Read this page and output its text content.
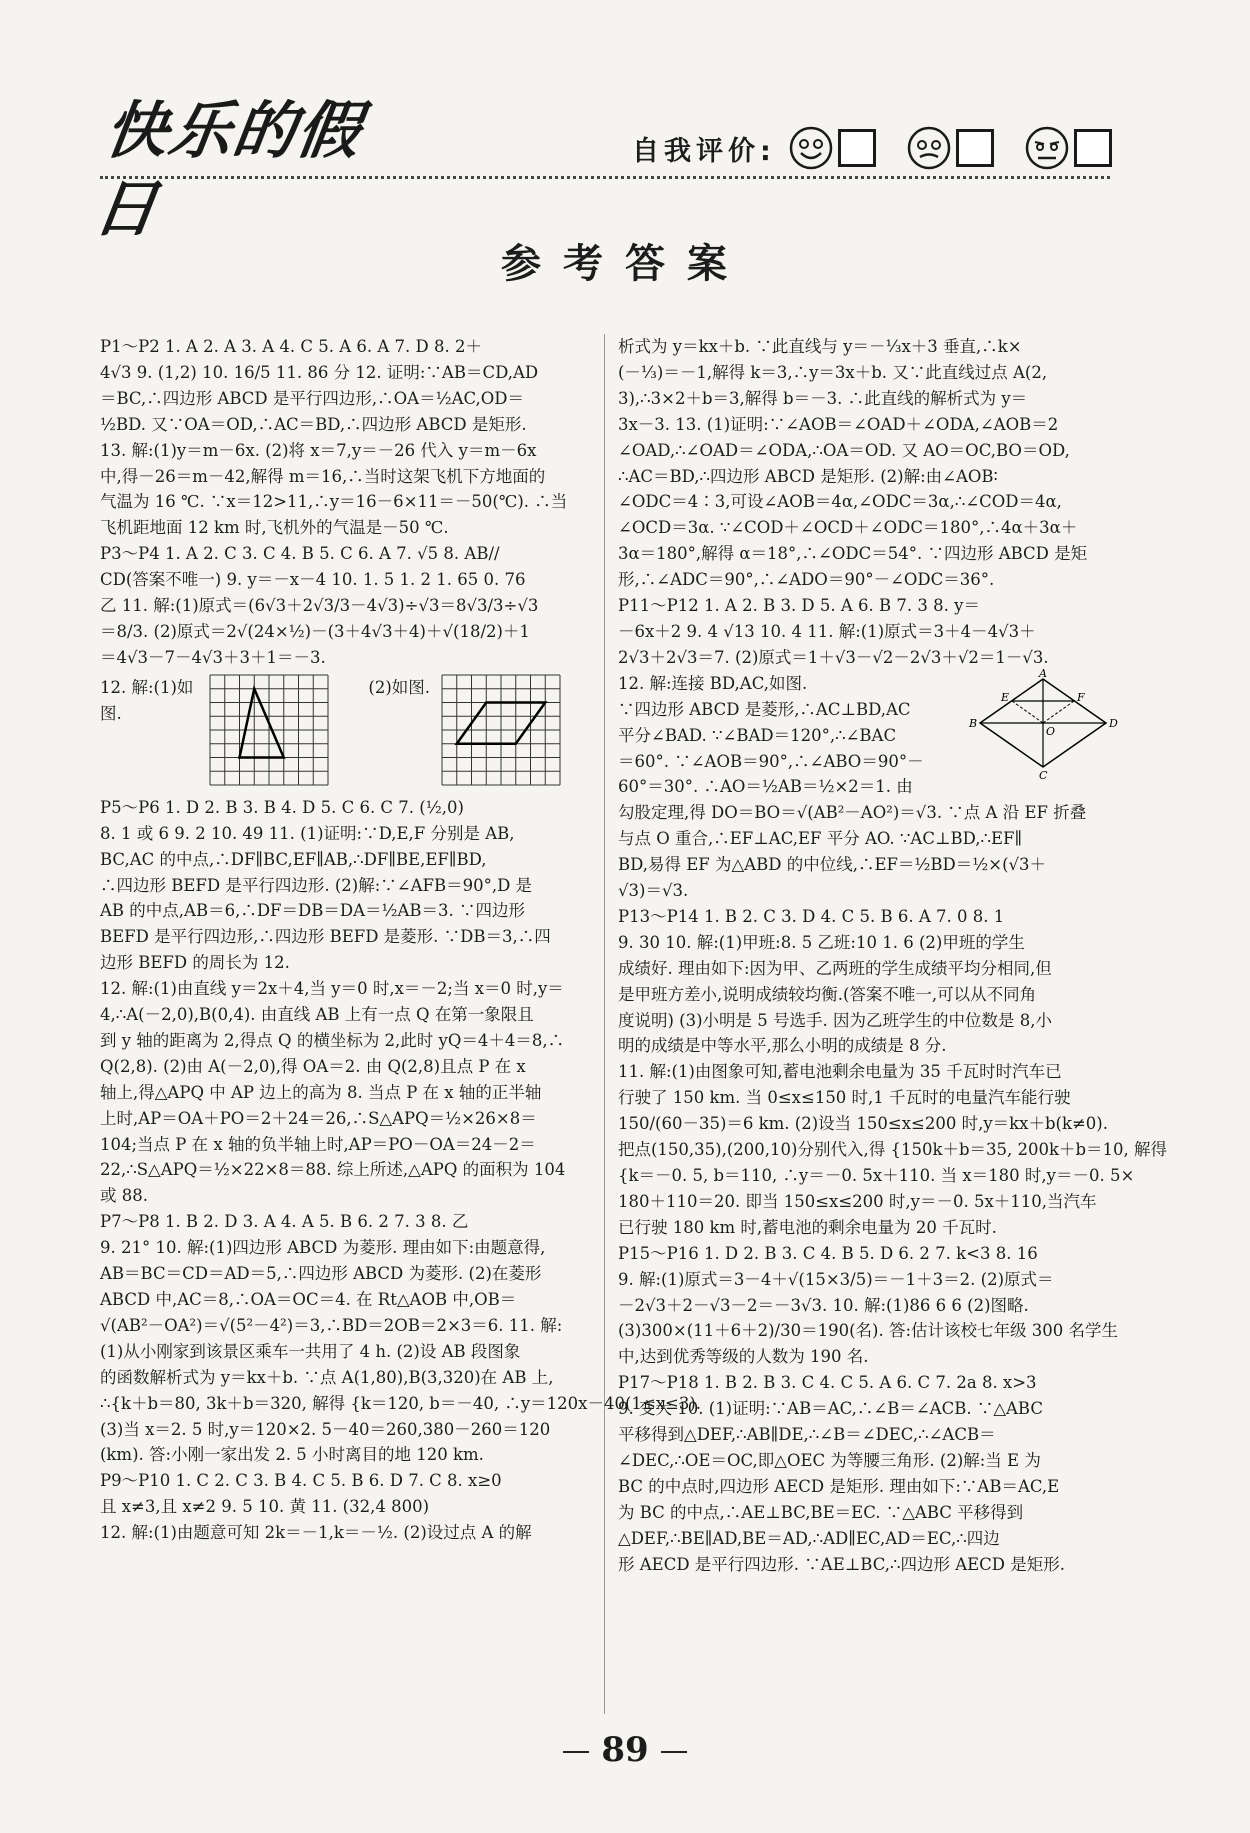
快乐的假日
自我评价:
参考答案
P1～P2 1. A 2. A 3. A 4. C 5. A 6. A 7. D 8. 2＋
4√3 9. (1,2) 10. 16/5 11. 86 分 12. 证明:∵AB＝CD,AD
＝BC,∴四边形 ABCD 是平行四边形,∴OA＝½AC,OD＝
½BD. 又∵OA＝OD,∴AC＝BD,∴四边形 ABCD 是矩形.
13. 解:(1)y＝m－6x. (2)将 x＝7,y＝－26 代入 y＝m－6x
中,得－26＝m－42,解得 m＝16,∴当时这架飞机下方地面的
气温为 16 ℃. ∵x＝12>11,∴y＝16－6×11＝－50(℃). ∴当
飞机距地面 12 km 时,飞机外的气温是－50 ℃.
P3～P4 1. A 2. C 3. C 4. B 5. C 6. A 7. √5 8. AB//
CD(答案不唯一) 9. y＝－x－4 10. 1. 5 1. 2 1. 65 0. 76
乙 11. 解:(1)原式＝(6√3＋2√3/3－4√3)÷√3＝8√3/3÷√3
＝8/3. (2)原式＝2√(24×½)－(3＋4√3＋4)＋√(18/2)＋1
＝4√3－7－4√3＋3＋1＝－3.
12. 解:(1)如图.
(2)如图.
P5～P6 1. D 2. B 3. B 4. D 5. C 6. C 7. (½,0)
8. 1 或 6 9. 2 10. 49 11. (1)证明:∵D,E,F 分别是 AB,
BC,AC 的中点,∴DF∥BC,EF∥AB,∴DF∥BE,EF∥BD,
∴四边形 BEFD 是平行四边形. (2)解:∵∠AFB＝90°,D 是
AB 的中点,AB＝6,∴DF＝DB＝DA＝½AB＝3. ∵四边形
BEFD 是平行四边形,∴四边形 BEFD 是菱形. ∵DB＝3,∴四
边形 BEFD 的周长为 12.
12. 解:(1)由直线 y＝2x＋4,当 y＝0 时,x＝－2;当 x＝0 时,y＝
4,∴A(－2,0),B(0,4). 由直线 AB 上有一点 Q 在第一象限且
到 y 轴的距离为 2,得点 Q 的横坐标为 2,此时 yQ＝4＋4＝8,∴
Q(2,8). (2)由 A(－2,0),得 OA＝2. 由 Q(2,8)且点 P 在 x
轴上,得△APQ 中 AP 边上的高为 8. 当点 P 在 x 轴的正半轴
上时,AP＝OA＋PO＝2＋24＝26,∴S△APQ＝½×26×8＝
104;当点 P 在 x 轴的负半轴上时,AP＝PO－OA＝24－2＝
22,∴S△APQ＝½×22×8＝88. 综上所述,△APQ 的面积为 104
或 88.
P7～P8 1. B 2. D 3. A 4. A 5. B 6. 2 7. 3 8. 乙
9. 21° 10. 解:(1)四边形 ABCD 为菱形. 理由如下:由题意得,
AB＝BC＝CD＝AD＝5,∴四边形 ABCD 为菱形. (2)在菱形
ABCD 中,AC＝8,∴OA＝OC＝4. 在 Rt△AOB 中,OB＝
√(AB²－OA²)＝√(5²－4²)＝3,∴BD＝2OB＝2×3＝6. 11. 解:
(1)从小刚家到该景区乘车一共用了 4 h. (2)设 AB 段图象
的函数解析式为 y＝kx＋b. ∵点 A(1,80),B(3,320)在 AB 上,
∴{k＋b＝80, 3k＋b＝320, 解得 {k＝120, b＝－40, ∴y＝120x－40(1≤x≤3).
(3)当 x＝2. 5 时,y＝120×2. 5－40＝260,380－260＝120
(km). 答:小刚一家出发 2. 5 小时离目的地 120 km.
P9～P10 1. C 2. C 3. B 4. C 5. B 6. D 7. C 8. x≥0
且 x≠3,且 x≠2 9. 5 10. 黄 11. (32,4 800)
12. 解:(1)由题意可知 2k＝－1,k＝－½. (2)设过点 A 的解
析式为 y＝kx＋b. ∵此直线与 y＝－⅓x＋3 垂直,∴k×
(－⅓)＝－1,解得 k＝3,∴y＝3x＋b. 又∵此直线过点 A(2,
3),∴3×2＋b＝3,解得 b＝－3. ∴此直线的解析式为 y＝
3x－3. 13. (1)证明:∵∠AOB＝∠OAD＋∠ODA,∠AOB＝2
∠OAD,∴∠OAD＝∠ODA,∴OA＝OD. 又 AO＝OC,BO＝OD,
∴AC＝BD,∴四边形 ABCD 是矩形. (2)解:由∠AOB∶
∠ODC＝4∶3,可设∠AOB＝4α,∠ODC＝3α,∴∠COD＝4α,
∠OCD＝3α. ∵∠COD＋∠OCD＋∠ODC＝180°,∴4α＋3α＋
3α＝180°,解得 α＝18°,∴∠ODC＝54°. ∵四边形 ABCD 是矩
形,∴∠ADC＝90°,∴∠ADO＝90°－∠ODC＝36°.
P11～P12 1. A 2. B 3. D 5. A 6. B 7. 3 8. y＝
－6x＋2 9. 4 √13 10. 4 11. 解:(1)原式＝3＋4－4√3＋
2√3＋2√3＝7. (2)原式＝1＋√3－√2－2√3＋√2＝1－√3.
12. 解:连接 BD,AC,如图.
∵四边形 ABCD 是菱形,∴AC⊥BD,AC
平分∠BAD. ∵∠BAD＝120°,∴∠BAC
＝60°. ∵∠AOB＝90°,∴∠ABO＝90°－
60°＝30°. ∴AO＝½AB＝½×2＝1. 由
A
B
C
D
E	F
O
勾股定理,得 DO＝BO＝√(AB²－AO²)＝√3. ∵点 A 沿 EF 折叠
与点 O 重合,∴EF⊥AC,EF 平分 AO. ∵AC⊥BD,∴EF∥
BD,易得 EF 为△ABD 的中位线,∴EF＝½BD＝½×(√3＋
√3)＝√3.
P13～P14 1. B 2. C 3. D 4. C 5. B 6. A 7. 0 8. 1
9. 30 10. 解:(1)甲班:8. 5 乙班:10 1. 6 (2)甲班的学生
成绩好. 理由如下:因为甲、乙两班的学生成绩平均分相同,但
是甲班方差小,说明成绩较均衡.(答案不唯一,可以从不同角
度说明) (3)小明是 5 号选手. 因为乙班学生的中位数是 8,小
明的成绩是中等水平,那么小明的成绩是 8 分.
11. 解:(1)由图象可知,蓄电池剩余电量为 35 千瓦时时汽车已
行驶了 150 km. 当 0≤x≤150 时,1 千瓦时的电量汽车能行驶
150/(60－35)＝6 km. (2)设当 150≤x≤200 时,y＝kx＋b(k≠0).
把点(150,35),(200,10)分别代入,得 {150k＋b＝35, 200k＋b＝10, 解得
{k＝－0. 5, b＝110, ∴y＝－0. 5x＋110. 当 x＝180 时,y＝－0. 5×
180＋110＝20. 即当 150≤x≤200 时,y＝－0. 5x＋110,当汽车
已行驶 180 km 时,蓄电池的剩余电量为 20 千瓦时.
P15～P16 1. D 2. B 3. C 4. B 5. D 6. 2 7. k<3 8. 16
9. 解:(1)原式＝3－4＋√(15×3/5)＝－1＋3＝2. (2)原式＝
－2√3＋2－√3－2＝－3√3. 10. 解:(1)86 6 6 (2)图略.
(3)300×(11＋6＋2)/30＝190(名). 答:估计该校七年级 300 名学生
中,达到优秀等级的人数为 190 名.
P17～P18 1. B 2. B 3. C 4. C 5. A 6. C 7. 2a 8. x>3
9. 变大 10. (1)证明:∵AB＝AC,∴∠B＝∠ACB. ∵△ABC
平移得到△DEF,∴AB∥DE,∴∠B＝∠DEC,∴∠ACB＝
∠DEC,∴OE＝OC,即△OEC 为等腰三角形. (2)解:当 E 为
BC 的中点时,四边形 AECD 是矩形. 理由如下:∵AB＝AC,E
为 BC 的中点,∴AE⊥BC,BE＝EC. ∵△ABC 平移得到
△DEF,∴BE∥AD,BE＝AD,∴AD∥EC,AD＝EC,∴四边
形 AECD 是平行四边形. ∵AE⊥BC,∴四边形 AECD 是矩形.
89
